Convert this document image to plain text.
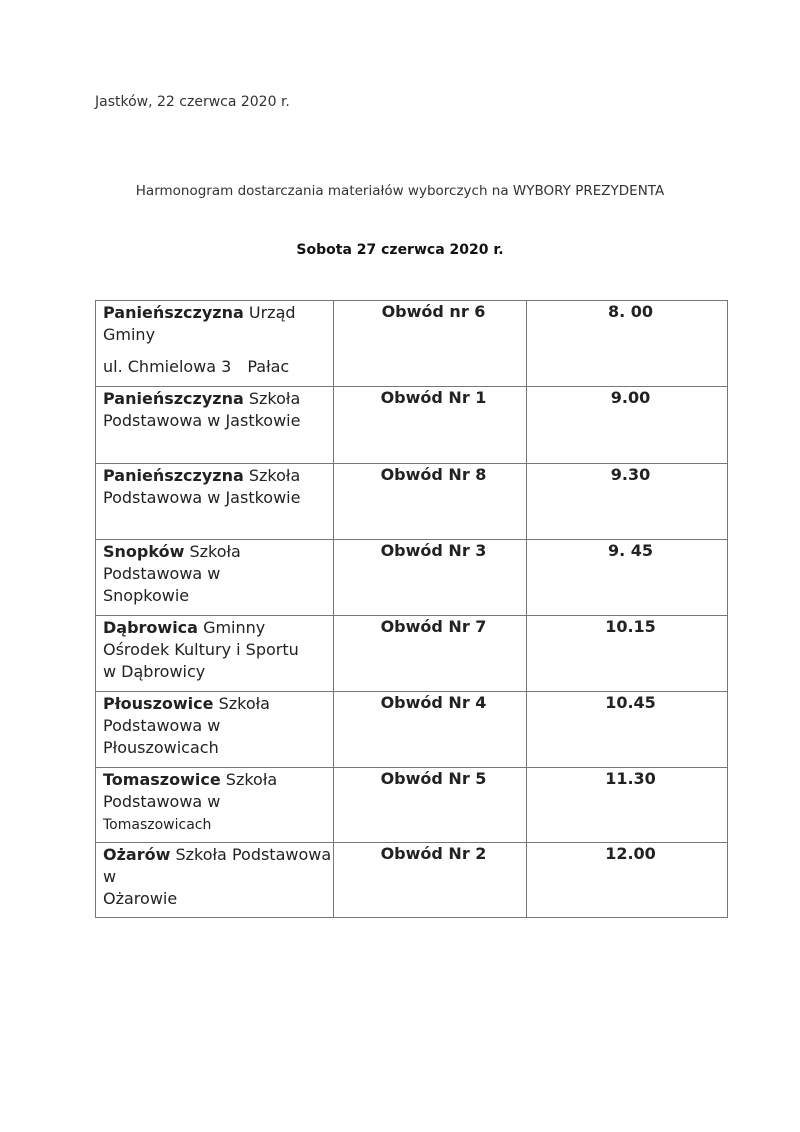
Jastków, 22 czerwca 2020 r.
Harmonogram dostarczania materiałów wyborczych na WYBORY PREZYDENTA
Sobota 27 czerwca 2020 r.
Panieńszczyzna Urząd Gminy
ul. Chmielowa 3 Pałac	Obwód nr 6	8. 00

Panieńszczyzna Szkoła Podstawowa w Jastkowie	Obwód Nr 1	9.00

Panieńszczyzna Szkoła Podstawowa w Jastkowie	Obwód Nr 8	9.30

Snopków Szkoła Podstawowa w
Snopkowie	Obwód Nr 3	9. 45

Dąbrowica Gminny Ośrodek Kultury i Sportu
w Dąbrowicy	Obwód Nr 7	10.15

Płouszowice Szkoła Podstawowa w
Płouszowicach	Obwód Nr 4	10.45

Tomaszowice Szkoła Podstawowa w
Tomaszowicach	Obwód Nr 5	11.30

Ożarów Szkoła Podstawowa w
Ożarowie	Obwód Nr 2	12.00
